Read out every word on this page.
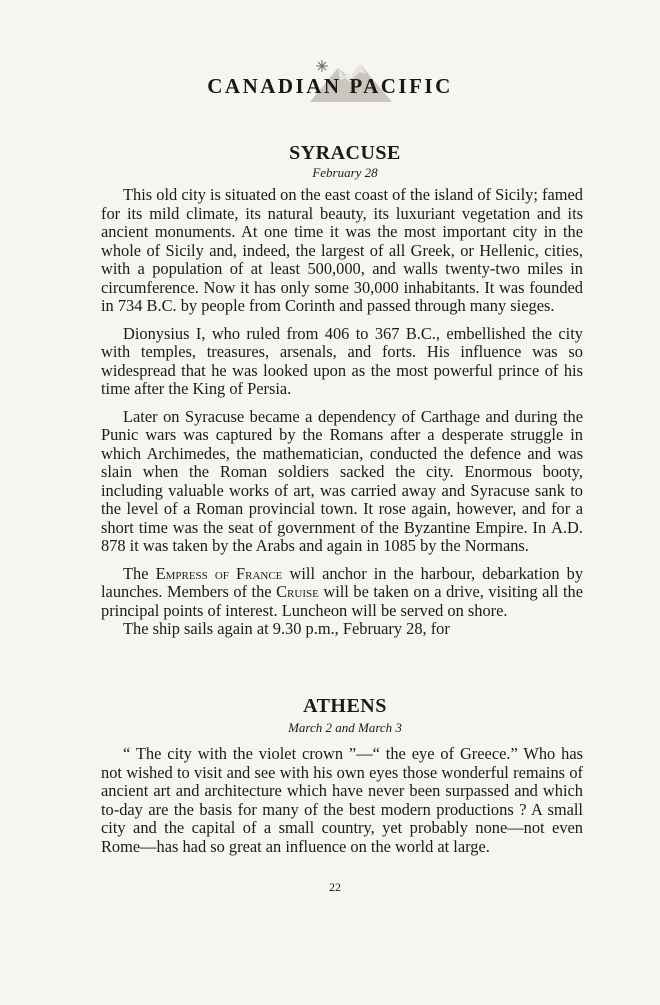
CANADIAN PACIFIC
SYRACUSE
February 28

This old city is situated on the east coast of the island of Sicily; famed for its mild climate, its natural beauty, its luxuriant vegetation and its ancient monuments. At one time it was the most important city in the whole of Sicily and, indeed, the largest of all Greek, or Hellenic, cities, with a population of at least 500,000, and walls twenty-two miles in circumference. Now it has only some 30,000 inhabitants. It was founded in 734 B.C. by people from Corinth and passed through many sieges.

Dionysius I, who ruled from 406 to 367 B.C., embellished the city with temples, treasures, arsenals, and forts. His influence was so widespread that he was looked upon as the most powerful prince of his time after the King of Persia.

Later on Syracuse became a dependency of Carthage and during the Punic wars was captured by the Romans after a desperate struggle in which Archimedes, the mathematician, conducted the defence and was slain when the Roman soldiers sacked the city. Enormous booty, including valuable works of art, was carried away and Syracuse sank to the level of a Roman provincial town. It rose again, however, and for a short time was the seat of government of the Byzantine Empire. In A.D. 878 it was taken by the Arabs and again in 1085 by the Normans.

The Empress of France will anchor in the harbour, debarkation by launches. Members of the Cruise will be taken on a drive, visiting all the principal points of interest. Luncheon will be served on shore.

The ship sails again at 9.30 p.m., February 28, for

ATHENS
March 2 and March 3

“ The city with the violet crown ”—“ the eye of Greece.” Who has not wished to visit and see with his own eyes those wonderful remains of ancient art and architecture which have never been surpassed and which to-day are the basis for many of the best modern productions ? A small city and the capital of a small country, yet probably none—not even Rome—has had so great an influence on the world at large.

22
